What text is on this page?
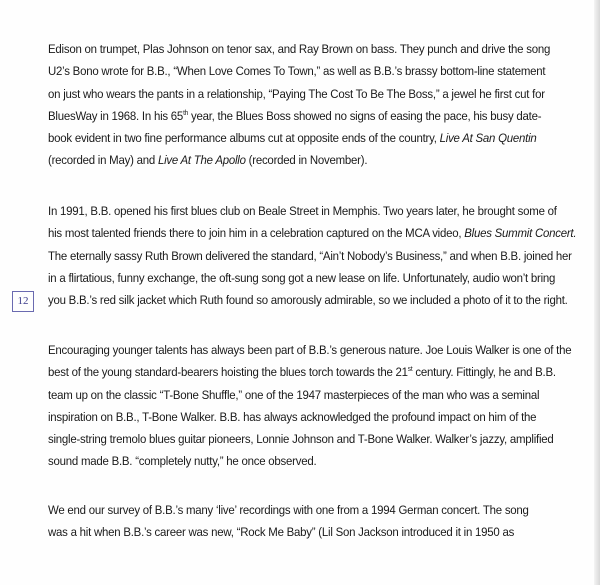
Edison on trumpet, Plas Johnson on tenor sax, and Ray Brown on bass. They punch and drive the song
U2’s Bono wrote for B.B., “When Love Comes To Town,” as well as B.B.’s brassy bottom-line statement
on just who wears the pants in a relationship, “Paying The Cost To Be The Boss,” a jewel he first cut for
BluesWay in 1968. In his 65th year, the Blues Boss showed no signs of easing the pace, his busy date-
book evident in two fine performance albums cut at opposite ends of the country, Live At San Quentin
(recorded in May) and Live At The Apollo (recorded in November).
In 1991, B.B. opened his first blues club on Beale Street in Memphis. Two years later, he brought some of
his most talented friends there to join him in a celebration captured on the MCA video, Blues Summit Concert.
The eternally sassy Ruth Brown delivered the standard, “Ain’t Nobody’s Business,” and when B.B. joined her
in a flirtatious, funny exchange, the oft-sung song got a new lease on life. Unfortunately, audio won’t bring
you B.B.’s red silk jacket which Ruth found so amorously admirable, so we included a photo of it to the right.
12
Encouraging younger talents has always been part of B.B.’s generous nature. Joe Louis Walker is one of the
best of the young standard-bearers hoisting the blues torch towards the 21st century. Fittingly, he and B.B.
team up on the classic “T-Bone Shuffle,” one of the 1947 masterpieces of the man who was a seminal
inspiration on B.B., T-Bone Walker. B.B. has always acknowledged the profound impact on him of the
single-string tremolo blues guitar pioneers, Lonnie Johnson and T-Bone Walker. Walker’s jazzy, amplified
sound made B.B. “completely nutty,” he once observed.
We end our survey of B.B.’s many ‘live’ recordings with one from a 1994 German concert. The song
was a hit when B.B.’s career was new, “Rock Me Baby” (Lil Son Jackson introduced it in 1950 as
